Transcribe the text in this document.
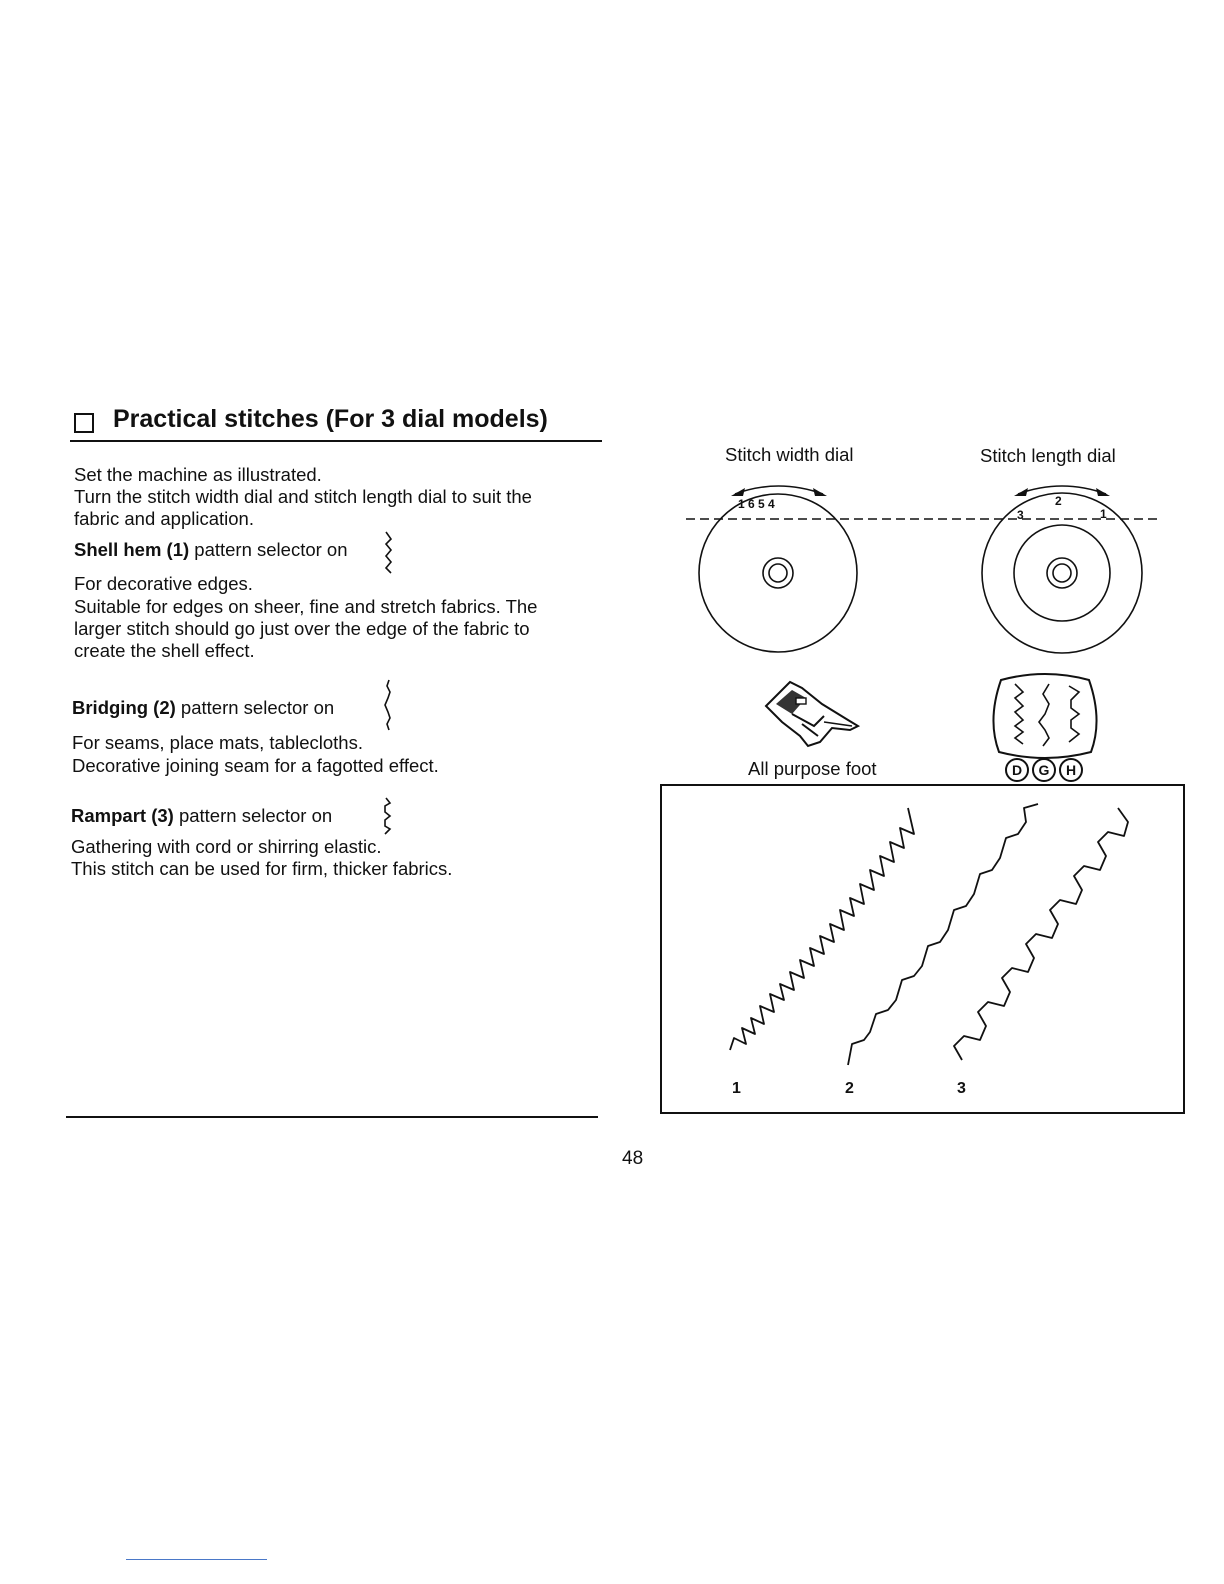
Practical stitches (For 3 dial models)
Set the machine as illustrated.
Turn the stitch width dial and stitch length dial to suit the
fabric and application.
Shell hem (1) pattern selector on
For decorative edges.
Suitable for edges on sheer, fine and stretch fabrics. The
larger stitch should go just over the edge of the fabric to
create the shell effect.
Bridging (2) pattern selector on
For seams, place mats, tablecloths.
Decorative joining seam for a fagotted effect.
Rampart (3) pattern selector on
Gathering with cord or shirring elastic.
This stitch can be used for firm, thicker fabrics.
Stitch width dial	Stitch length dial
1 6 5 4
3
2
1
All purpose foot	D	G	H
1	2	3
48
